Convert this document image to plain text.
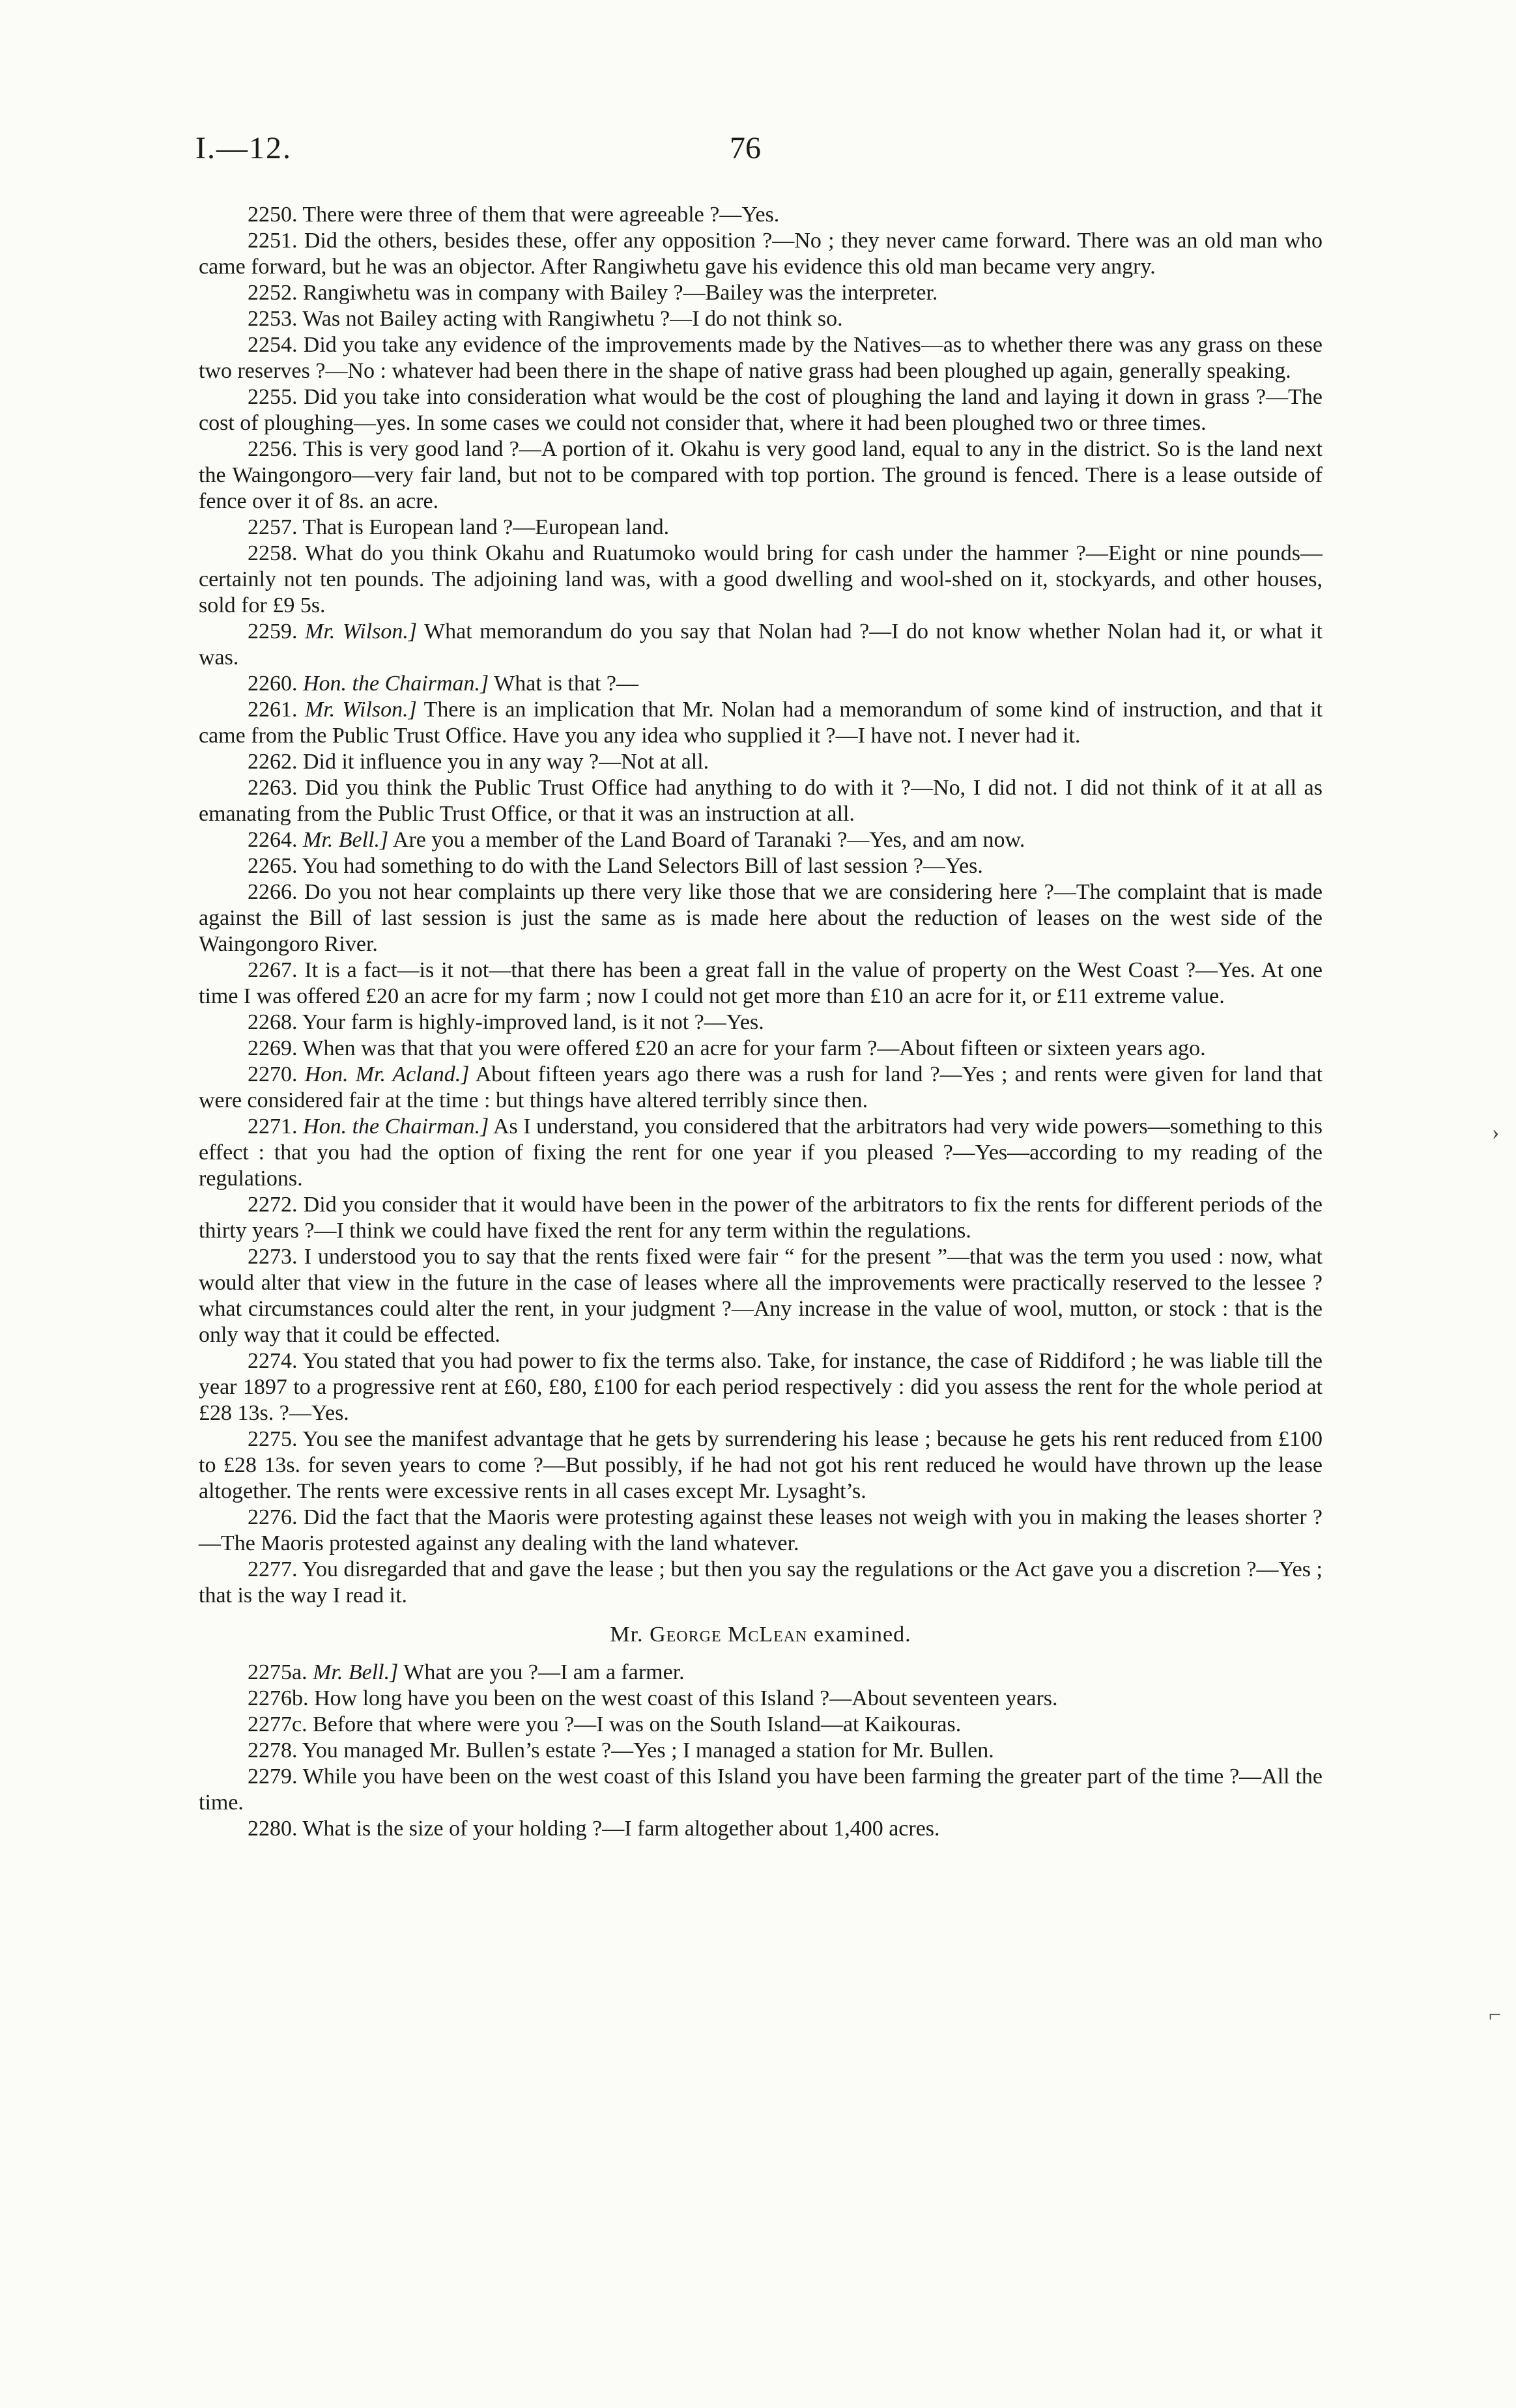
I.—12.	76

2250. There were three of them that were agreeable ?—Yes.

2251. Did the others, besides these, offer any opposition ?—No ; they never came forward. There was an old man who came forward, but he was an objector. After Rangiwhetu gave his evidence this old man became very angry.

2252. Rangiwhetu was in company with Bailey ?—Bailey was the interpreter.

2253. Was not Bailey acting with Rangiwhetu ?—I do not think so.

2254. Did you take any evidence of the improvements made by the Natives—as to whether there was any grass on these two reserves ?—No : whatever had been there in the shape of native grass had been ploughed up again, generally speaking.

2255. Did you take into consideration what would be the cost of ploughing the land and laying it down in grass ?—The cost of ploughing—yes. In some cases we could not consider that, where it had been ploughed two or three times.

2256. This is very good land ?—A portion of it. Okahu is very good land, equal to any in the district. So is the land next the Waingongoro—very fair land, but not to be compared with top portion. The ground is fenced. There is a lease outside of fence over it of 8s. an acre.

2257. That is European land ?—European land.

2258. What do you think Okahu and Ruatumoko would bring for cash under the hammer ?—Eight or nine pounds—certainly not ten pounds. The adjoining land was, with a good dwelling and wool-shed on it, stockyards, and other houses, sold for £9 5s.

2259. Mr. Wilson.] What memorandum do you say that Nolan had ?—I do not know whether Nolan had it, or what it was.

2260. Hon. the Chairman.] What is that ?—

2261. Mr. Wilson.] There is an implication that Mr. Nolan had a memorandum of some kind of instruction, and that it came from the Public Trust Office. Have you any idea who supplied it ?—I have not. I never had it.

2262. Did it influence you in any way ?—Not at all.

2263. Did you think the Public Trust Office had anything to do with it ?—No, I did not. I did not think of it at all as emanating from the Public Trust Office, or that it was an instruction at all.

2264. Mr. Bell.] Are you a member of the Land Board of Taranaki ?—Yes, and am now.

2265. You had something to do with the Land Selectors Bill of last session ?—Yes.

2266. Do you not hear complaints up there very like those that we are considering here ?—The complaint that is made against the Bill of last session is just the same as is made here about the reduction of leases on the west side of the Waingongoro River.

2267. It is a fact—is it not—that there has been a great fall in the value of property on the West Coast ?—Yes. At one time I was offered £20 an acre for my farm ; now I could not get more than £10 an acre for it, or £11 extreme value.

2268. Your farm is highly-improved land, is it not ?—Yes.

2269. When was that that you were offered £20 an acre for your farm ?—About fifteen or sixteen years ago.

2270. Hon. Mr. Acland.] About fifteen years ago there was a rush for land ?—Yes ; and rents were given for land that were considered fair at the time : but things have altered terribly since then.

2271. Hon. the Chairman.] As I understand, you considered that the arbitrators had very wide powers—something to this effect : that you had the option of fixing the rent for one year if you pleased ?—Yes—according to my reading of the regulations.

2272. Did you consider that it would have been in the power of the arbitrators to fix the rents for different periods of the thirty years ?—I think we could have fixed the rent for any term within the regulations.

2273. I understood you to say that the rents fixed were fair “ for the present ”—that was the term you used : now, what would alter that view in the future in the case of leases where all the improvements were practically reserved to the lessee ? what circumstances could alter the rent, in your judgment ?—Any increase in the value of wool, mutton, or stock : that is the only way that it could be effected.

2274. You stated that you had power to fix the terms also. Take, for instance, the case of Riddiford ; he was liable till the year 1897 to a progressive rent at £60, £80, £100 for each period respectively : did you assess the rent for the whole period at £28 13s. ?—Yes.

2275. You see the manifest advantage that he gets by surrendering his lease ; because he gets his rent reduced from £100 to £28 13s. for seven years to come ?—But possibly, if he had not got his rent reduced he would have thrown up the lease altogether. The rents were excessive rents in all cases except Mr. Lysaght’s.

2276. Did the fact that the Maoris were protesting against these leases not weigh with you in making the leases shorter ?—The Maoris protested against any dealing with the land whatever.

2277. You disregarded that and gave the lease ; but then you say the regulations or the Act gave you a discretion ?—Yes ; that is the way I read it.

Mr. George McLean examined.

2275a. Mr. Bell.] What are you ?—I am a farmer.

2276b. How long have you been on the west coast of this Island ?—About seventeen years.

2277c. Before that where were you ?—I was on the South Island—at Kaikouras.

2278. You managed Mr. Bullen’s estate ?—Yes ; I managed a station for Mr. Bullen.

2279. While you have been on the west coast of this Island you have been farming the greater part of the time ?—All the time.

2280. What is the size of your holding ?—I farm altogether about 1,400 acres.

›
⌐
